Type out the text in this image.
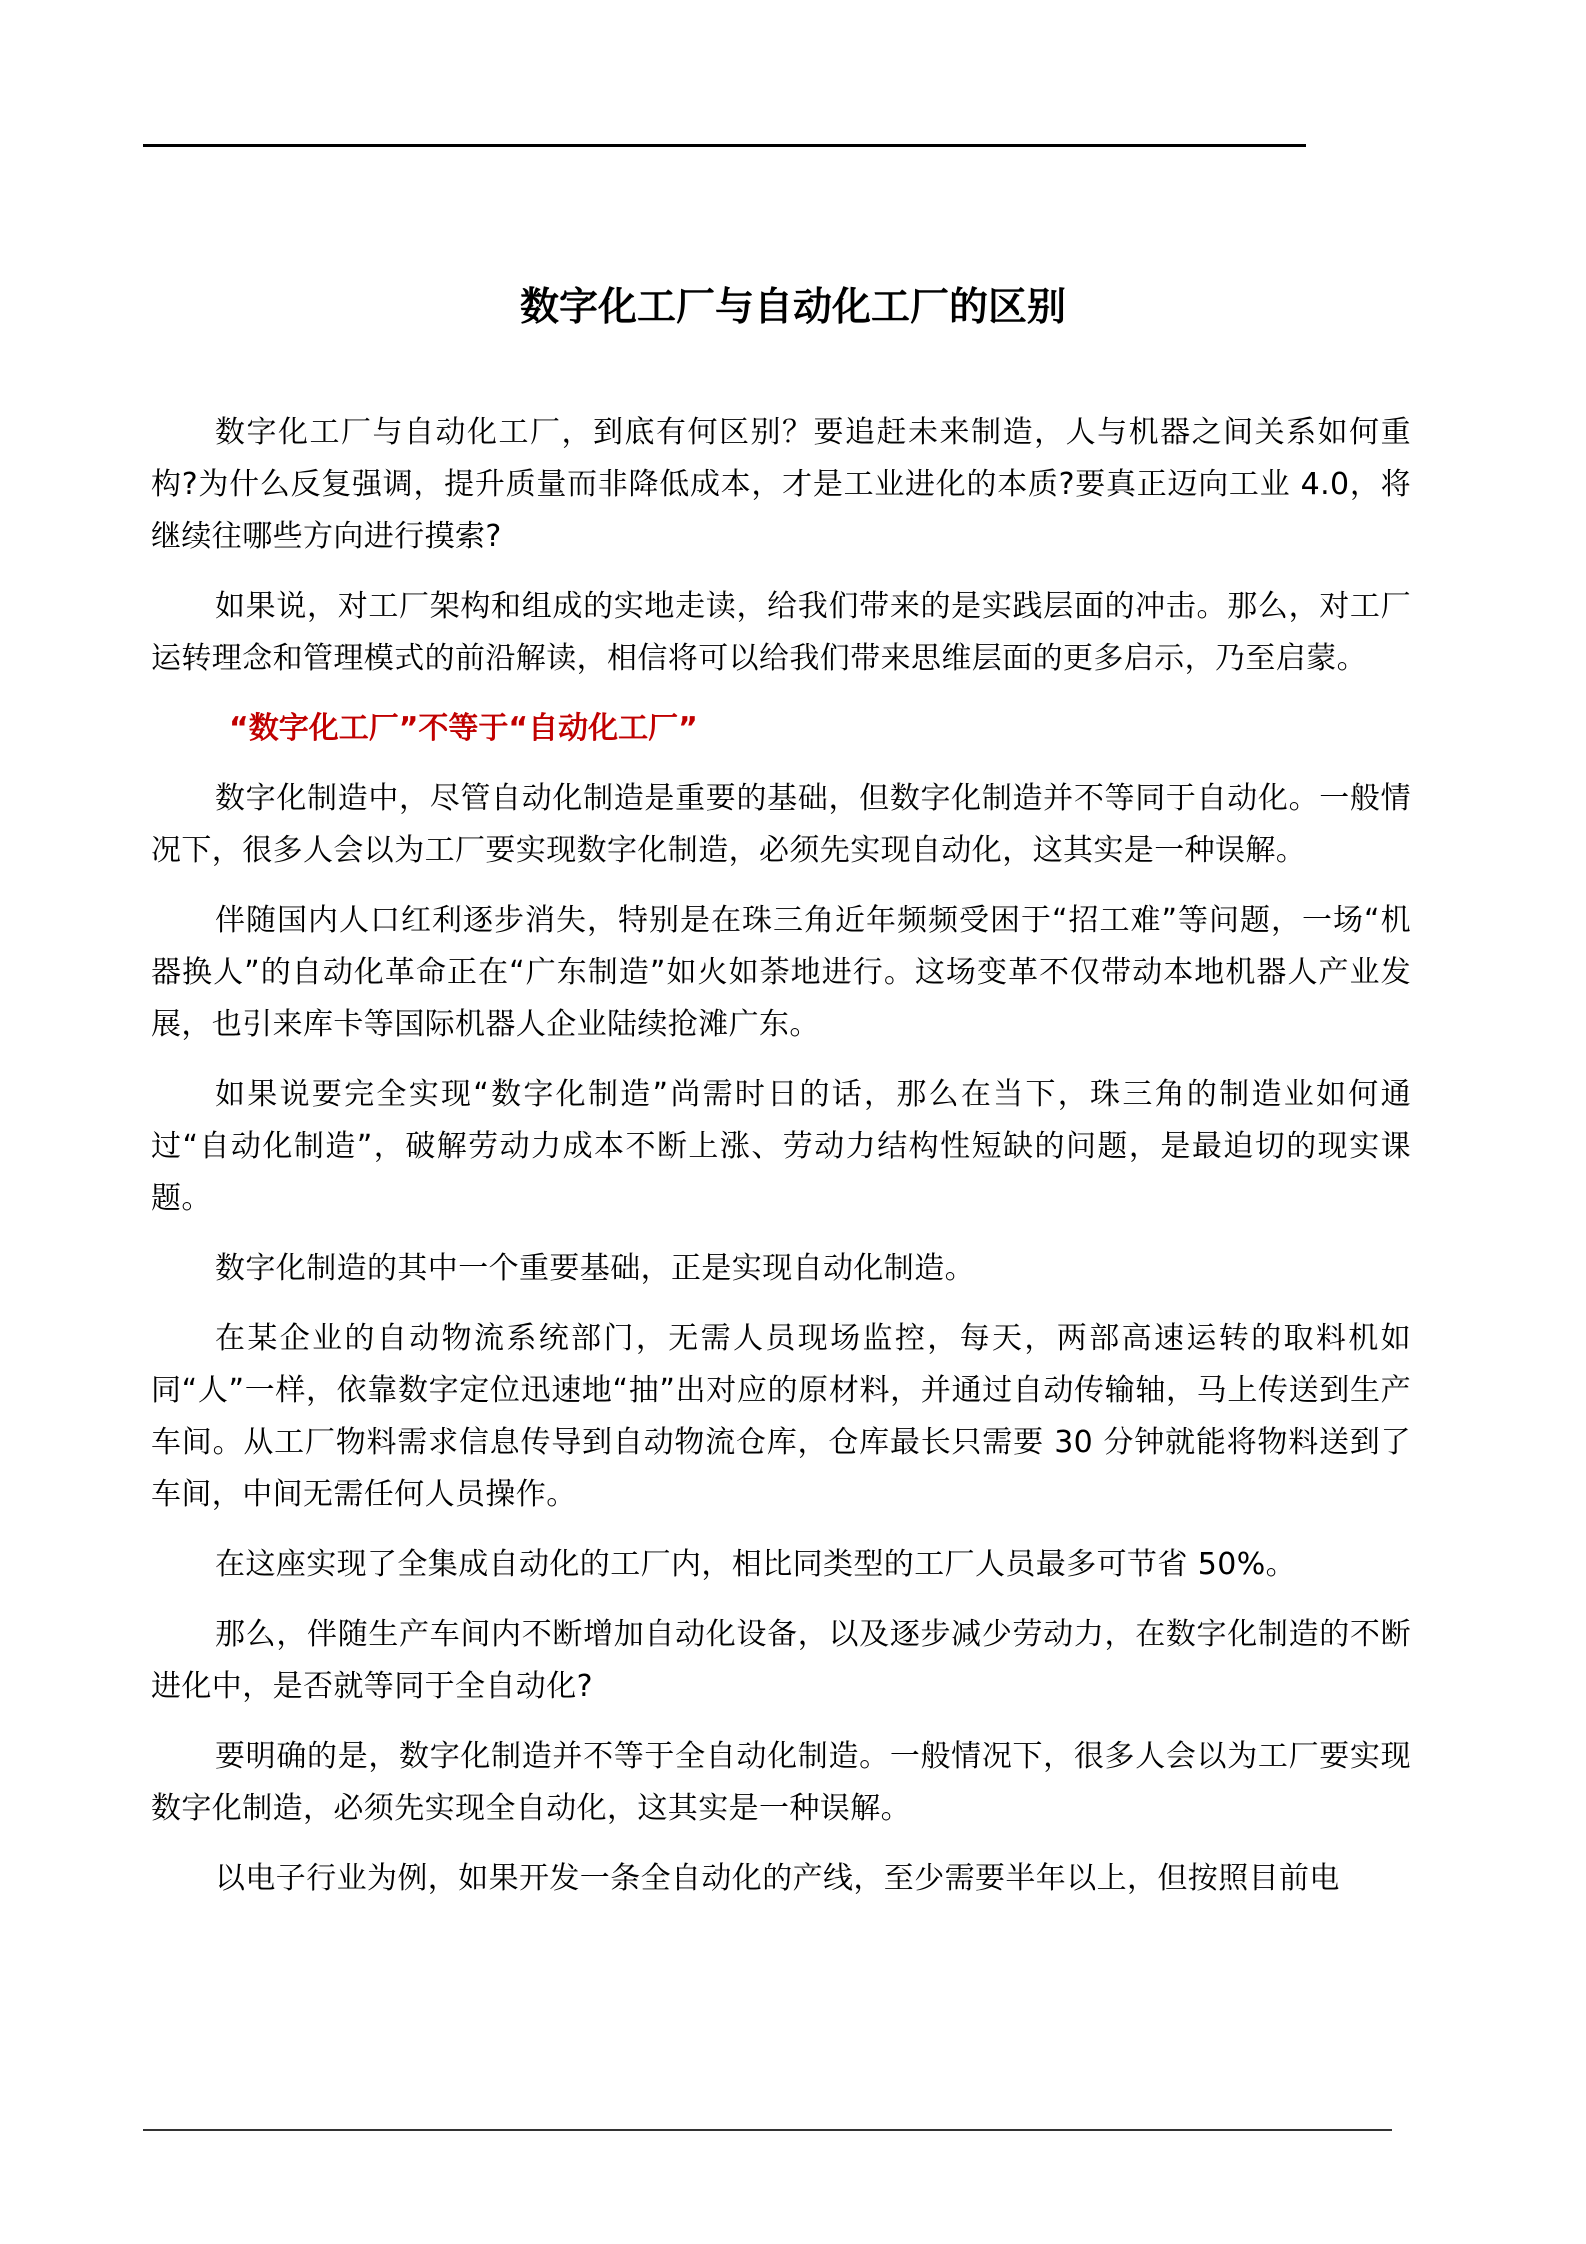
数字化工厂与自动化工厂的区别

数字化工厂与自动化工厂，到底有何区别？要追赶未来制造，人与机器之间关系如何重构?为什么反复强调，提升质量而非降低成本，才是工业进化的本质?要真正迈向工业 4.0，将继续往哪些方向进行摸索?

如果说，对工厂架构和组成的实地走读，给我们带来的是实践层面的冲击。那么，对工厂运转理念和管理模式的前沿解读，相信将可以给我们带来思维层面的更多启示，乃至启蒙。

“数字化工厂”不等于“自动化工厂”

数字化制造中，尽管自动化制造是重要的基础，但数字化制造并不等同于自动化。一般情况下，很多人会以为工厂要实现数字化制造，必须先实现自动化，这其实是一种误解。

伴随国内人口红利逐步消失，特别是在珠三角近年频频受困于“招工难”等问题，一场“机器换人”的自动化革命正在“广东制造”如火如荼地进行。这场变革不仅带动本地机器人产业发展，也引来库卡等国际机器人企业陆续抢滩广东。

如果说要完全实现“数字化制造”尚需时日的话，那么在当下，珠三角的制造业如何通过“自动化制造”，破解劳动力成本不断上涨、劳动力结构性短缺的问题，是最迫切的现实课题。

数字化制造的其中一个重要基础，正是实现自动化制造。

在某企业的自动物流系统部门，无需人员现场监控，每天，两部高速运转的取料机如同“人”一样，依靠数字定位迅速地“抽”出对应的原材料，并通过自动传输轴，马上传送到生产车间。从工厂物料需求信息传导到自动物流仓库，仓库最长只需要 30 分钟就能将物料送到了车间，中间无需任何人员操作。

在这座实现了全集成自动化的工厂内，相比同类型的工厂人员最多可节省 50%。

那么，伴随生产车间内不断增加自动化设备，以及逐步减少劳动力，在数字化制造的不断进化中，是否就等同于全自动化?

要明确的是，数字化制造并不等于全自动化制造。一般情况下，很多人会以为工厂要实现数字化制造，必须先实现全自动化，这其实是一种误解。

以电子行业为例，如果开发一条全自动化的产线，至少需要半年以上，但按照目前电
